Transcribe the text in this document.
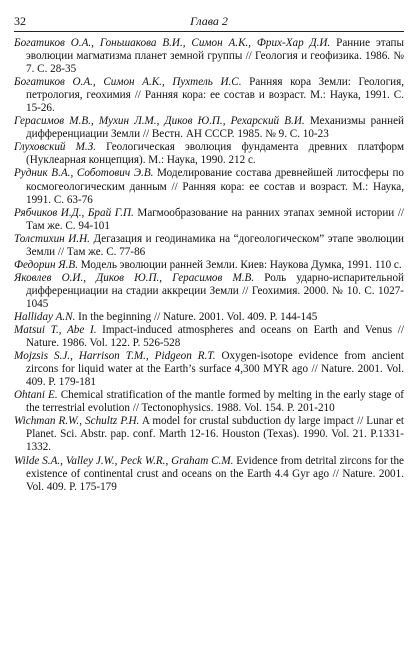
32	Глава 2
Богатиков О.А., Гоньшакова В.И., Симон А.К., Фрих-Хар Д.И. Ранние этапы эволюции магматизма планет земной группы // Геология и геофизика. 1986. № 7. С. 28-35
Богатиков О.А., Симон А.К., Пухтель И.С. Ранняя кора Земли: Геология, петрология, геохимия // Ранняя кора: ее состав и возраст. М.: Наука, 1991. С. 15-26.
Герасимов М.В., Мухин Л.М., Диков Ю.П., Рехарский В.И. Механизмы ранней дифференциации Земли // Вестн. АН СССР. 1985. № 9. С. 10-23
Глуховский М.З. Геологическая эволюция фундамента древних платформ (Нуклеарная концепция). М.: Наука, 1990. 212 с.
Рудник В.А., Соботович Э.В. Моделирование состава древнейшей литосферы по космогеологическим данным // Ранняя кора: ее состав и возраст. М.: Наука, 1991. С. 63-76
Рябчиков И.Д., Брай Г.П. Магмообразование на ранних этапах земной истории // Там же. С. 94-101
Толстихин И.Н. Дегазация и геодинамика на “догеологическом” этапе эволюции Земли // Там же. С. 77-86
Федорин Я.В. Модель эволюции ранней Земли. Киев: Наукова Думка, 1991. 110 с.
Яковлев О.И., Диков Ю.П., Герасимов М.В. Роль ударно-испарительной дифференциации на стадии аккреции Земли // Геохимия. 2000. № 10. С. 1027-1045
Halliday A.N. In the beginning // Nature. 2001. Vol. 409. P. 144-145
Matsui T., Abe I. Impact-induced atmospheres and oceans on Earth and Venus // Nature. 1986. Vol. 122. P. 526-528
Mojzsis S.J., Harrison T.M., Pidgeon R.T. Oxygen-isotope evidence from ancient zircons for liquid water at the Earth’s surface 4,300 MYR ago // Nature. 2001. Vol. 409. P. 179-181
Ohtani E. Chemical stratification of the mantle formed by melting in the early stage of the terrestrial evolution // Tectonophysics. 1988. Vol. 154. P. 201-210
Wichman R.W., Schultz P.H. A model for crustal subduction dy large impact // Lunar et Planet. Sci. Abstr. pap. conf. Marth 12-16. Houston (Texas). 1990. Vol. 21. P.1331-1332.
Wilde S.A., Valley J.W., Peck W.R., Graham C.M. Evidence from detrital zircons for the existence of continental crust and oceans on the Earth 4.4 Gyr ago // Nature. 2001. Vol. 409. P. 175-179
